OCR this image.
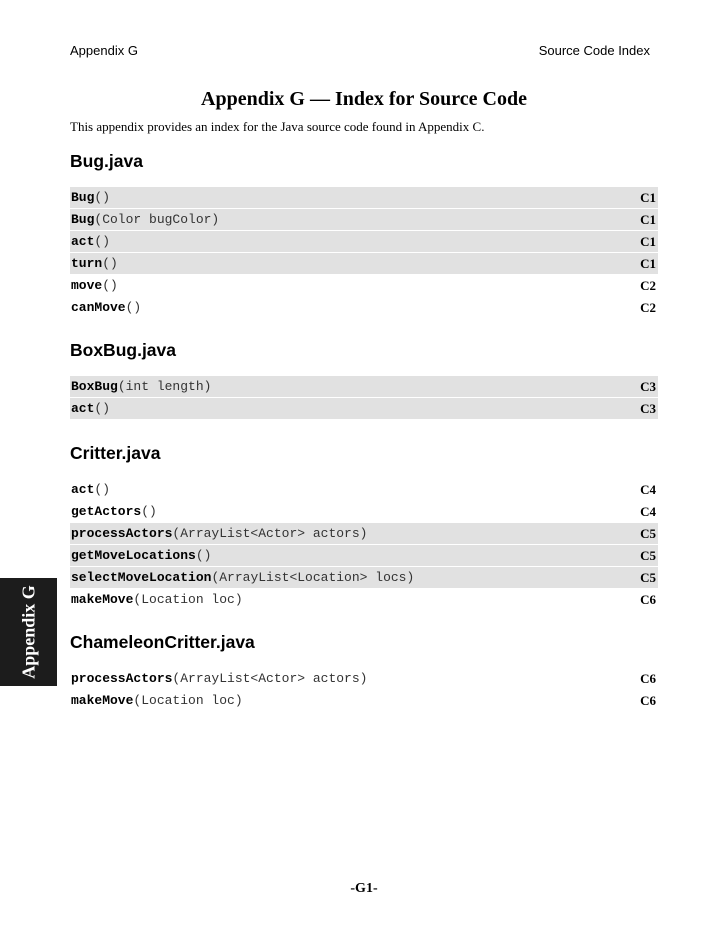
Appendix G	Source Code Index
Appendix G — Index for Source Code
This appendix provides an index for the Java source code found in Appendix C.
Bug.java
Bug()	C1
Bug(Color bugColor)	C1
act()	C1
turn()	C1
move()	C2
canMove()	C2
BoxBug.java
BoxBug(int length)	C3
act()	C3
Critter.java
act()	C4
getActors()	C4
processActors(ArrayList<Actor> actors)	C5
getMoveLocations()	C5
selectMoveLocation(ArrayList<Location> locs)	C5
makeMove(Location loc)	C6
ChameleonCritter.java
processActors(ArrayList<Actor> actors)	C6
makeMove(Location loc)	C6
Appendix G
-G1-
